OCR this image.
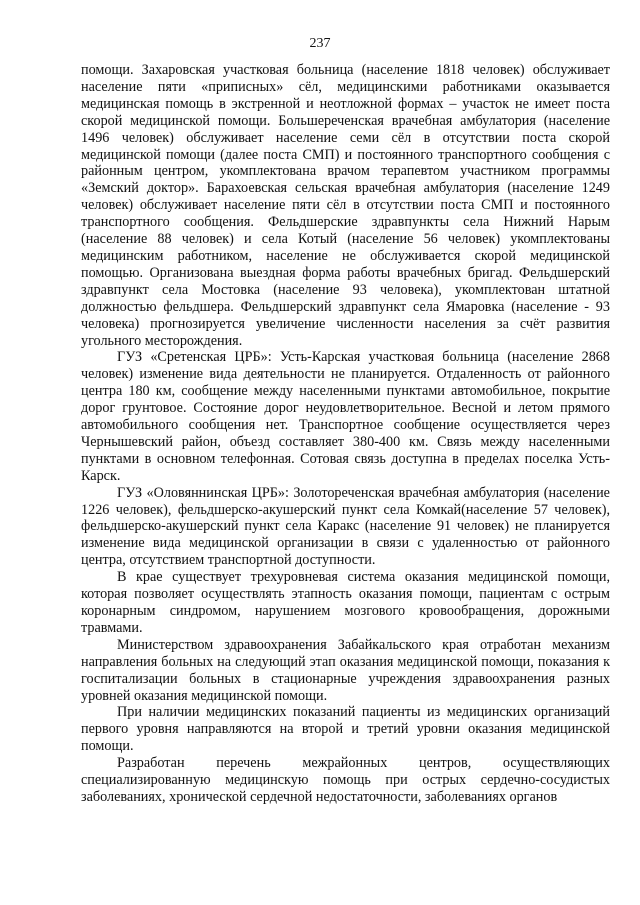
237

помощи. Захаровская участковая больница (население 1818 человек) обслуживает население пяти «приписных» сёл, медицинскими работниками оказывается медицинская помощь в экстренной и неотложной формах – участок не имеет поста скорой медицинской помощи. Большереченская врачебная амбулатория (население 1496 человек) обслуживает население семи сёл в отсутствии поста скорой медицинской помощи (далее поста СМП) и постоянного транспортного сообщения с районным центром, укомплектована врачом терапевтом участником программы «Земский доктор». Барахоевская сельская врачебная амбулатория (население 1249 человек) обслуживает население пяти сёл в отсутствии поста СМП и постоянного транспортного сообщения. Фельдшерские здравпункты села Нижний Нарым (население 88 человек) и села Котый (население 56 человек) укомплектованы медицинским работником, население не обслуживается скорой медицинской помощью. Организована выездная форма работы врачебных бригад. Фельдшерский здравпункт села Мостовка (население 93 человека), укомплектован штатной должностью фельдшера. Фельдшерский здравпункт села Ямаровка (население - 93 человека) прогнозируется увеличение численности населения за счёт развития угольного месторождения.

ГУЗ «Сретенская ЦРБ»: Усть-Карская участковая больница (население 2868 человек) изменение вида деятельности не планируется. Отдаленность от районного центра 180 км, сообщение между населенными пунктами автомобильное, покрытие дорог грунтовое. Состояние дорог неудовлетворительное. Весной и летом прямого автомобильного сообщения нет. Транспортное сообщение осуществляется через Чернышевский район, объезд составляет 380-400 км. Связь между населенными пунктами в основном телефонная. Сотовая связь доступна в пределах поселка Усть-Карск.

ГУЗ «Оловяннинская ЦРБ»: Золотореченская врачебная амбулатория (население 1226 человек), фельдшерско-акушерский пункт села Комкай(население 57 человек), фельдшерско-акушерский пункт села Каракс (население 91 человек) не планируется изменение вида медицинской организации в связи с удаленностью от районного центра, отсутствием транспортной доступности.

В крае существует трехуровневая система оказания медицинской помощи, которая позволяет осуществлять этапность оказания помощи, пациентам с острым коронарным синдромом, нарушением мозгового кровообращения, дорожными травмами.

Министерством здравоохранения Забайкальского края отработан механизм направления больных на следующий этап оказания медицинской помощи, показания к госпитализации больных в стационарные учреждения здравоохранения разных уровней оказания медицинской помощи.

При наличии медицинских показаний пациенты из медицинских организаций первого уровня направляются на второй и третий уровни оказания медицинской помощи.

Разработан перечень межрайонных центров, осуществляющих специализированную медицинскую помощь при острых сердечно-сосудистых заболеваниях, хронической сердечной недостаточности, заболеваниях органов
